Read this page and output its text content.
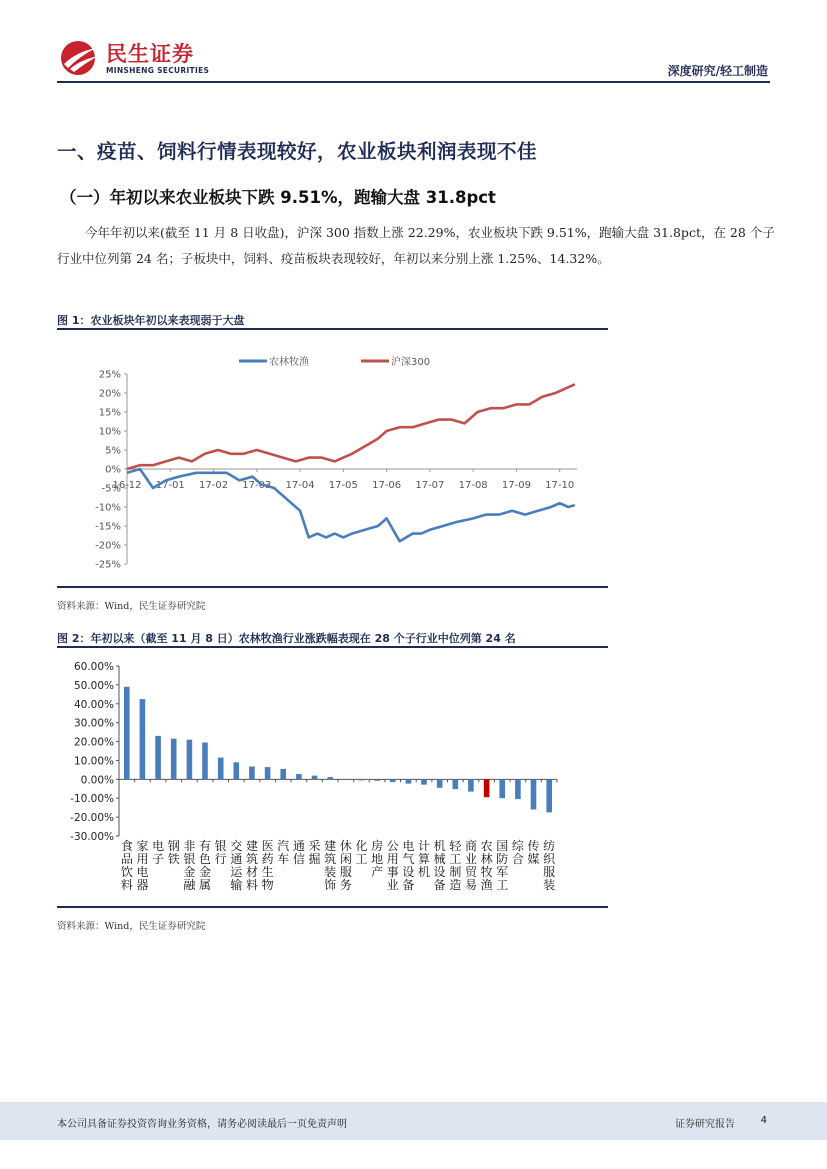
民生证券
MINSHENG SECURITIES	深度研究/轻工制造
一、疫苗、饲料行情表现较好，农业板块利润表现不佳
（一）年初以来农业板块下跌 9.51%，跑输大盘 31.8pct

今年年初以来(截至 11 月 8 日收盘)，沪深 300 指数上涨 22.29%，农业板块下跌 9.51%，跑输大盘 31.8pct，在 28 个子行业中位列第 24 名；子板块中，饲料、疫苗板块表现较好，年初以来分别上涨 1.25%、14.32%。

图 1：农业板块年初以来表现弱于大盘
25%
20%
15%
10%
5%
0%
-5%
-10%
-15%
-20%
-25%
16-12 17-01 17-02 17-03 17-04 17-05 17-06 17-07 17-08 17-09 17-10
农林牧渔	沪深300
资料来源：Wind，民生证券研究院
图 2：年初以来（截至 11 月 8 日）农林牧渔行业涨跌幅表现在 28 个子行业中位列第 24 名
60.00%
50.00%
40.00%
30.00%
20.00%
10.00%
0.00%
-10.00%
-20.00%
-30.00%
食品饮料
家用电器
电子
钢铁
非银金融
有色金属
银行
交通运输
建筑材料
医药生物
汽车
通信
采掘
建筑装饰
休闲服务
化工
房地产
公用事业
电气设备
计算机
机械设备
轻工制造
商业贸易
农林牧渔
国防军工
综合
传媒
纺织服装
资料来源：Wind，民生证券研究院
本公司具备证券投资咨询业务资格，请务必阅读最后一页免责声明	证券研究报告	4
